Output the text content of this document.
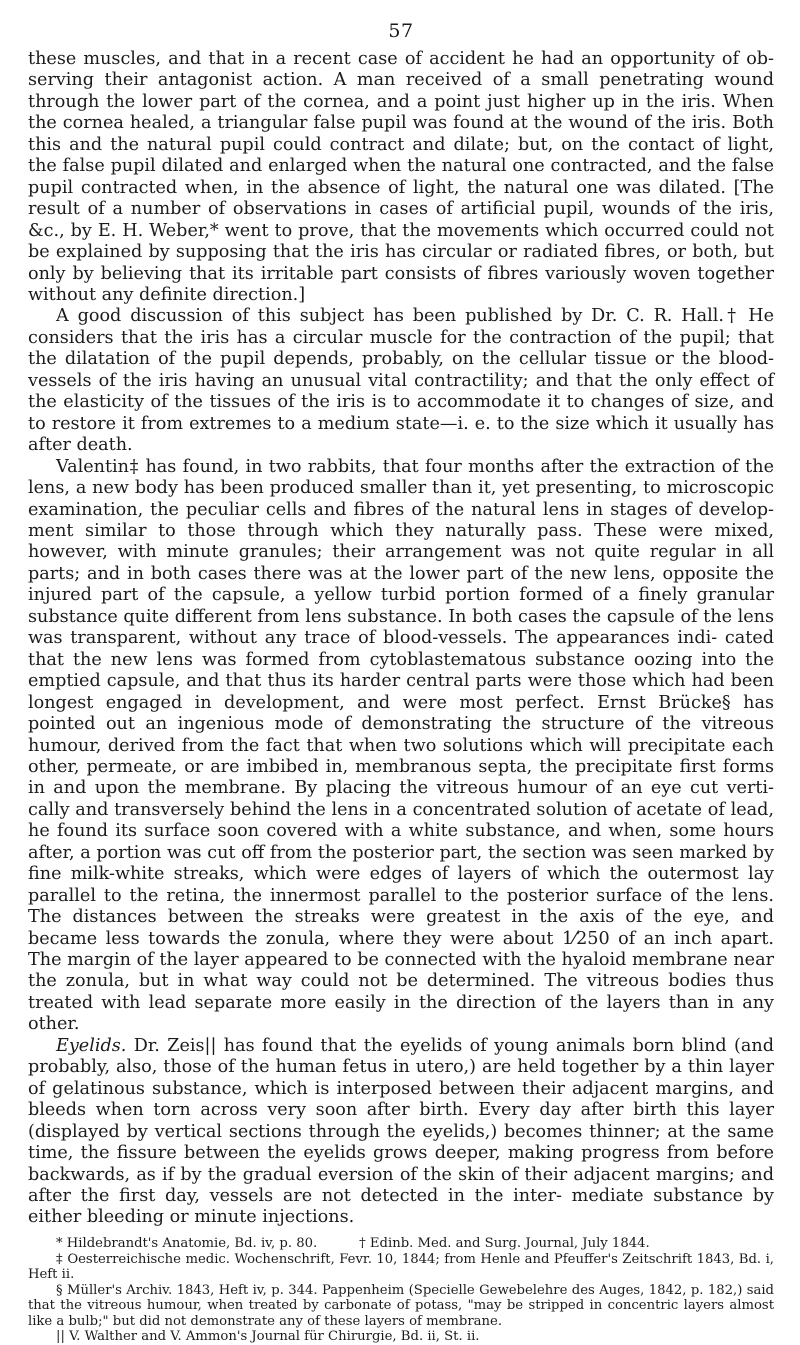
57

these muscles, and that in a recent case of accident he had an opportunity of ob- serving their antagonist action. A man received of a small penetrating wound through the lower part of the cornea, and a point just higher up in the iris. When the cornea healed, a triangular false pupil was found at the wound of the iris. Both this and the natural pupil could contract and dilate; but, on the contact of light, the false pupil dilated and enlarged when the natural one contracted, and the false pupil contracted when, in the absence of light, the natural one was dilated. [The result of a number of observations in cases of artificial pupil, wounds of the iris, &c., by E. H. Weber,* went to prove, that the movements which occurred could not be explained by supposing that the iris has circular or radiated fibres, or both, but only by believing that its irritable part consists of fibres variously woven together without any definite direction.]

A good discussion of this subject has been published by Dr. C. R. Hall.† He considers that the iris has a circular muscle for the contraction of the pupil; that the dilatation of the pupil depends, probably, on the cellular tissue or the blood-vessels of the iris having an unusual vital contractility; and that the only effect of the elasticity of the tissues of the iris is to accommodate it to changes of size, and to restore it from extremes to a medium state—i. e. to the size which it usually has after death.

Valentin‡ has found, in two rabbits, that four months after the extraction of the lens, a new body has been produced smaller than it, yet presenting, to microscopic examination, the peculiar cells and fibres of the natural lens in stages of develop- ment similar to those through which they naturally pass. These were mixed, however, with minute granules; their arrangement was not quite regular in all parts; and in both cases there was at the lower part of the new lens, opposite the injured part of the capsule, a yellow turbid portion formed of a finely granular substance quite different from lens substance. In both cases the capsule of the lens was transparent, without any trace of blood-vessels. The appearances indi- cated that the new lens was formed from cytoblastematous substance oozing into the emptied capsule, and that thus its harder central parts were those which had been longest engaged in development, and were most perfect. Ernst Brücke§ has pointed out an ingenious mode of demonstrating the structure of the vitreous humour, derived from the fact that when two solutions which will precipitate each other, permeate, or are imbibed in, membranous septa, the precipitate first forms in and upon the membrane. By placing the vitreous humour of an eye cut verti- cally and transversely behind the lens in a concentrated solution of acetate of lead, he found its surface soon covered with a white substance, and when, some hours after, a portion was cut off from the posterior part, the section was seen marked by fine milk-white streaks, which were edges of layers of which the outermost lay parallel to the retina, the innermost parallel to the posterior surface of the lens. The distances between the streaks were greatest in the axis of the eye, and became less towards the zonula, where they were about 1⁄250 of an inch apart. The margin of the layer appeared to be connected with the hyaloid membrane near the zonula, but in what way could not be determined. The vitreous bodies thus treated with lead separate more easily in the direction of the layers than in any other.

Eyelids. Dr. Zeis|| has found that the eyelids of young animals born blind (and probably, also, those of the human fetus in utero,) are held together by a thin layer of gelatinous substance, which is interposed between their adjacent margins, and bleeds when torn across very soon after birth. Every day after birth this layer (displayed by vertical sections through the eyelids,) becomes thinner; at the same time, the fissure between the eyelids grows deeper, making progress from before backwards, as if by the gradual eversion of the skin of their adjacent margins; and after the first day, vessels are not detected in the inter- mediate substance by either bleeding or minute injections.

* Hildebrandt's Anatomie, Bd. iv, p. 80.          † Edinb. Med. and Surg. Journal, July 1844.

‡ Oesterreichische medic. Wochenschrift, Fevr. 10, 1844; from Henle and Pfeuffer's Zeitschrift 1843, Bd. i, Heft ii.

§ Müller's Archiv. 1843, Heft iv, p. 344. Pappenheim (Specielle Gewebelehre des Auges, 1842, p. 182,) said that the vitreous humour, when treated by carbonate of potass, "may be stripped in concentric layers almost like a bulb;" but did not demonstrate any of these layers of membrane.

|| V. Walther and V. Ammon's Journal für Chirurgie, Bd. ii, St. ii.
